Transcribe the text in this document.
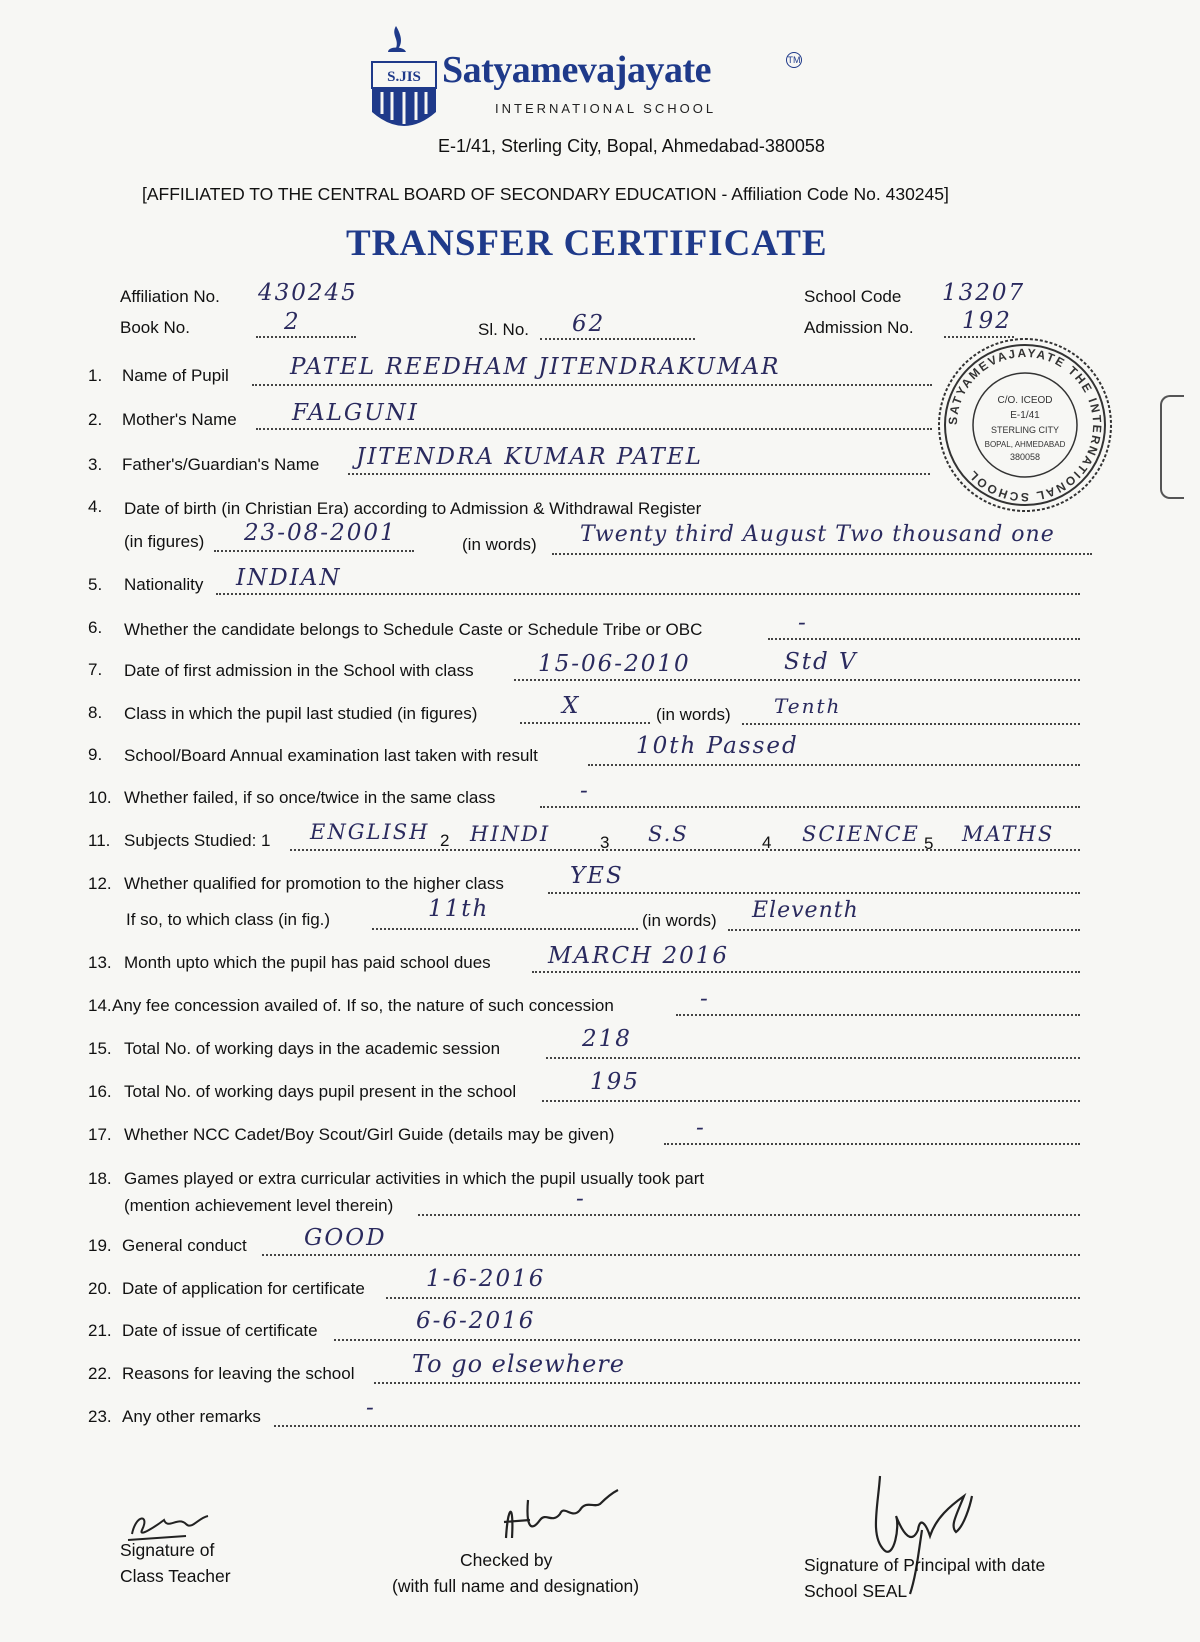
S.JIS Satyamevajayate	TM
INTERNATIONAL SCHOOL
E-1/41, Sterling City, Bopal, Ahmedabad-380058
[AFFILIATED TO THE CENTRAL BOARD OF SECONDARY EDUCATION - Affiliation Code No. 430245]
TRANSFER CERTIFICATE
Affiliation No. 430245
Book No.	2	Sl. No. 62
School Code 13207
Admission No. 192
1. Name of Pupil	PATEL REEDHAM JITENDRAKUMAR
2. Mother's Name FALGUNI
3. Father's/Guardian's Name JITENDRA KUMAR PATEL
4. Date of birth (in Christian Era) according to Admission & Withdrawal Register
(in figures) 23-08-2001	(in words) Twenty third August Two thousand one
5. Nationality INDIAN
6. Whether the candidate belongs to Schedule Caste or Schedule Tribe or OBC	-
7. Date of first admission in the School with class	15-06-2010	Std V
8. Class in which the pupil last studied (in figures)	X	(in words) Tenth
9. School/Board Annual examination last taken with result	10th Passed
10. Whether failed, if so once/twice in the same class	-
11. Subjects Studied: 1 ENGLISH 2 HINDI	3 S.S	4 SCIENCE 5 MATHS
12. Whether qualified for promotion to the higher class	YES
If so, to which class (in fig.)	11th	(in words) Eleventh
13. Month upto which the pupil has paid school dues MARCH 2016
14. Any fee concession availed of. If so, the nature of such concession	-
15. Total No. of working days in the academic session	218
16. Total No. of working days pupil present in the school	195
17. Whether NCC Cadet/Boy Scout/Girl Guide (details may be given)	-
18. Games played or extra curricular activities in which the pupil usually took part
(mention achievement level therein)	-
19. General conduct GOOD
20. Date of application for certificate	1-6-2016
21. Date of issue of certificate	6-6-2016
22. Reasons for leaving the school To go elsewhere
23. Any other remarks	-
SATYAMEVAJAYATE THE INTERNATIONAL SCHOOL
C/O. ICEOD
E-1/41
STERLING CITY
BOPAL, AHMEDABAD
380058
Signature of
Class Teacher
Checked by
(with full name and designation)
Signature of Principal with date
School SEAL
